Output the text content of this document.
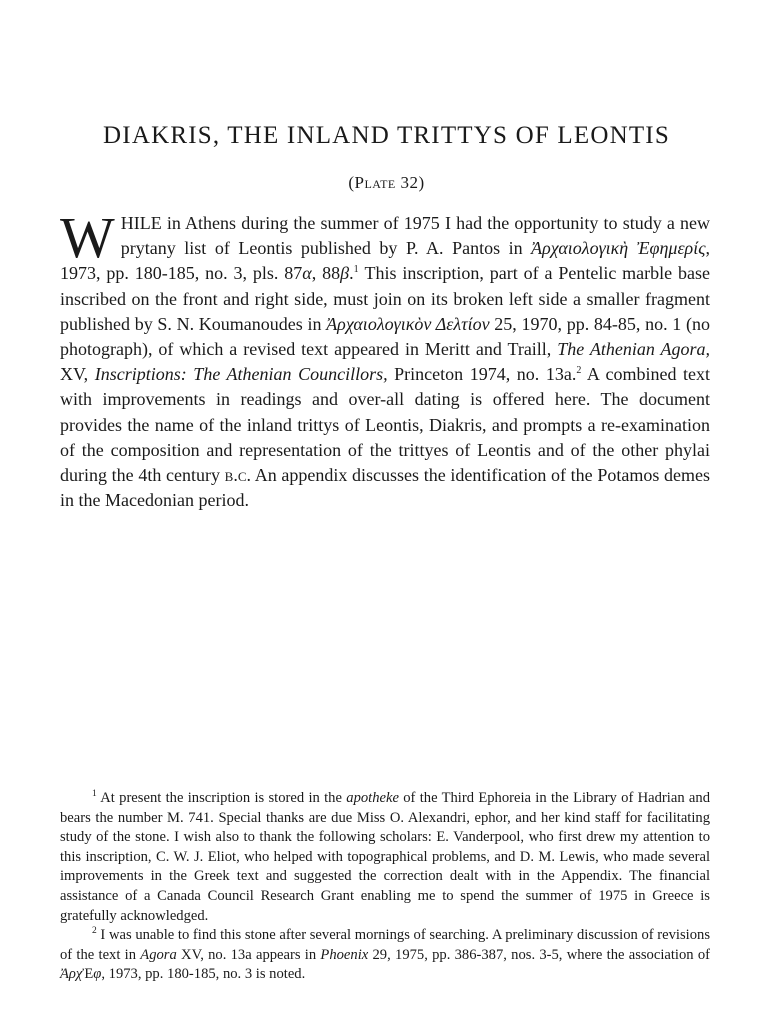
DIAKRIS, THE INLAND TRITTYS OF LEONTIS
(Plate 32)

WHILE in Athens during the summer of 1975 I had the opportunity to study a new prytany list of Leontis published by P. A. Pantos in Ἀρχαιολογικὴ Ἐφημερίς, 1973, pp. 180-185, no. 3, pls. 87α, 88β.$^1$ This inscription, part of a Pentelic marble base inscribed on the front and right side, must join on its broken left side a smaller fragment published by S. N. Koumanoudes in Ἀρχαιολογικὸν Δελτίον 25, 1970, pp. 84-85, no. 1 (no photograph), of which a revised text appeared in Meritt and Traill, The Athenian Agora, XV, Inscriptions: The Athenian Councillors, Princeton 1974, no. 13a.$^2$ A combined text with improvements in readings and over-all dating is offered here. The document provides the name of the inland trittys of Leontis, Diakris, and prompts a re-examination of the composition and representation of the trittyes of Leontis and of the other phylai during the 4th century b.c. An appendix discusses the identification of the Potamos demes in the Macedonian period.

$^1$ At present the inscription is stored in the apotheke of the Third Ephoreia in the Library of Hadrian and bears the number M. 741. Special thanks are due Miss O. Alexandri, ephor, and her kind staff for facilitating study of the stone. I wish also to thank the following scholars: E. Vanderpool, who first drew my attention to this inscription, C. W. J. Eliot, who helped with topographical problems, and D. M. Lewis, who made several improvements in the Greek text and suggested the correction dealt with in the Appendix. The financial assistance of a Canada Council Research Grant enabling me to spend the summer of 1975 in Greece is gratefully acknowledged.

$^2$ I was unable to find this stone after several mornings of searching. A preliminary discussion of revisions of the text in Agora XV, no. 13a appears in Phoenix 29, 1975, pp. 386-387, nos. 3-5, where the association of ἈρχἘφ, 1973, pp. 180-185, no. 3 is noted.
